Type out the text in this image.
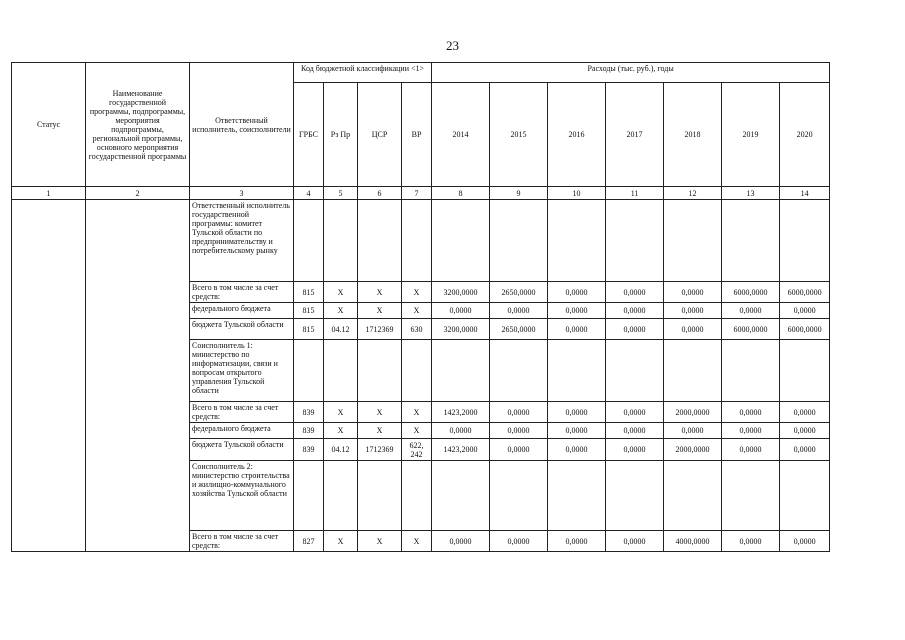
23
Статус	Наименование государственной программы, подпрограммы, мероприятия подпрограммы, региональной программы, основного мероприятия государственной программы	Ответственный исполнитель, соисполнители	Код бюджетной классификации <1>				Расходы (тыс. руб.), годы						
			ГРБС	Рз Пр	ЦСР	ВР	2014	2015	2016	2017	2018	2019	2020
1	2	3	4	5	6	7	8	9	10	11	12	13	14
		Ответственный исполнитель государственной программы: комитет Тульской области по предпринимательству и потребительскому рынку											
		Всего в том числе за счет средств:	815	Х	Х	Х	3200,0000	2650,0000	0,0000	0,0000	0,0000	6000,0000	6000,0000
		федерального бюджета	815	Х	Х	Х	0,0000	0,0000	0,0000	0,0000	0,0000	0,0000	0,0000
		бюджета Тульской области	815	04.12	1712369	630	3200,0000	2650,0000	0,0000	0,0000	0,0000	6000,0000	6000,0000
		Соисполнитель 1: министерство по информатизации, связи и вопросам открытого управления Тульской области											
		Всего в том числе за счет средств:	839	Х	Х	Х	1423,2000	0,0000	0,0000	0,0000	2000,0000	0,0000	0,0000
		федерального бюджета	839	Х	Х	Х	0,0000	0,0000	0,0000	0,0000	0,0000	0,0000	0,0000
		бюджета Тульской области	839	04.12	1712369	622, 242	1423,2000	0,0000	0,0000	0,0000	2000,0000	0,0000	0,0000
		Соисполнитель 2: министерство строительства и жилищно-коммунального хозяйства Тульской области											
		Всего в том числе за счет средств:	827	Х	Х	Х	0,0000	0,0000	0,0000	0,0000	4000,0000	0,0000	0,0000
